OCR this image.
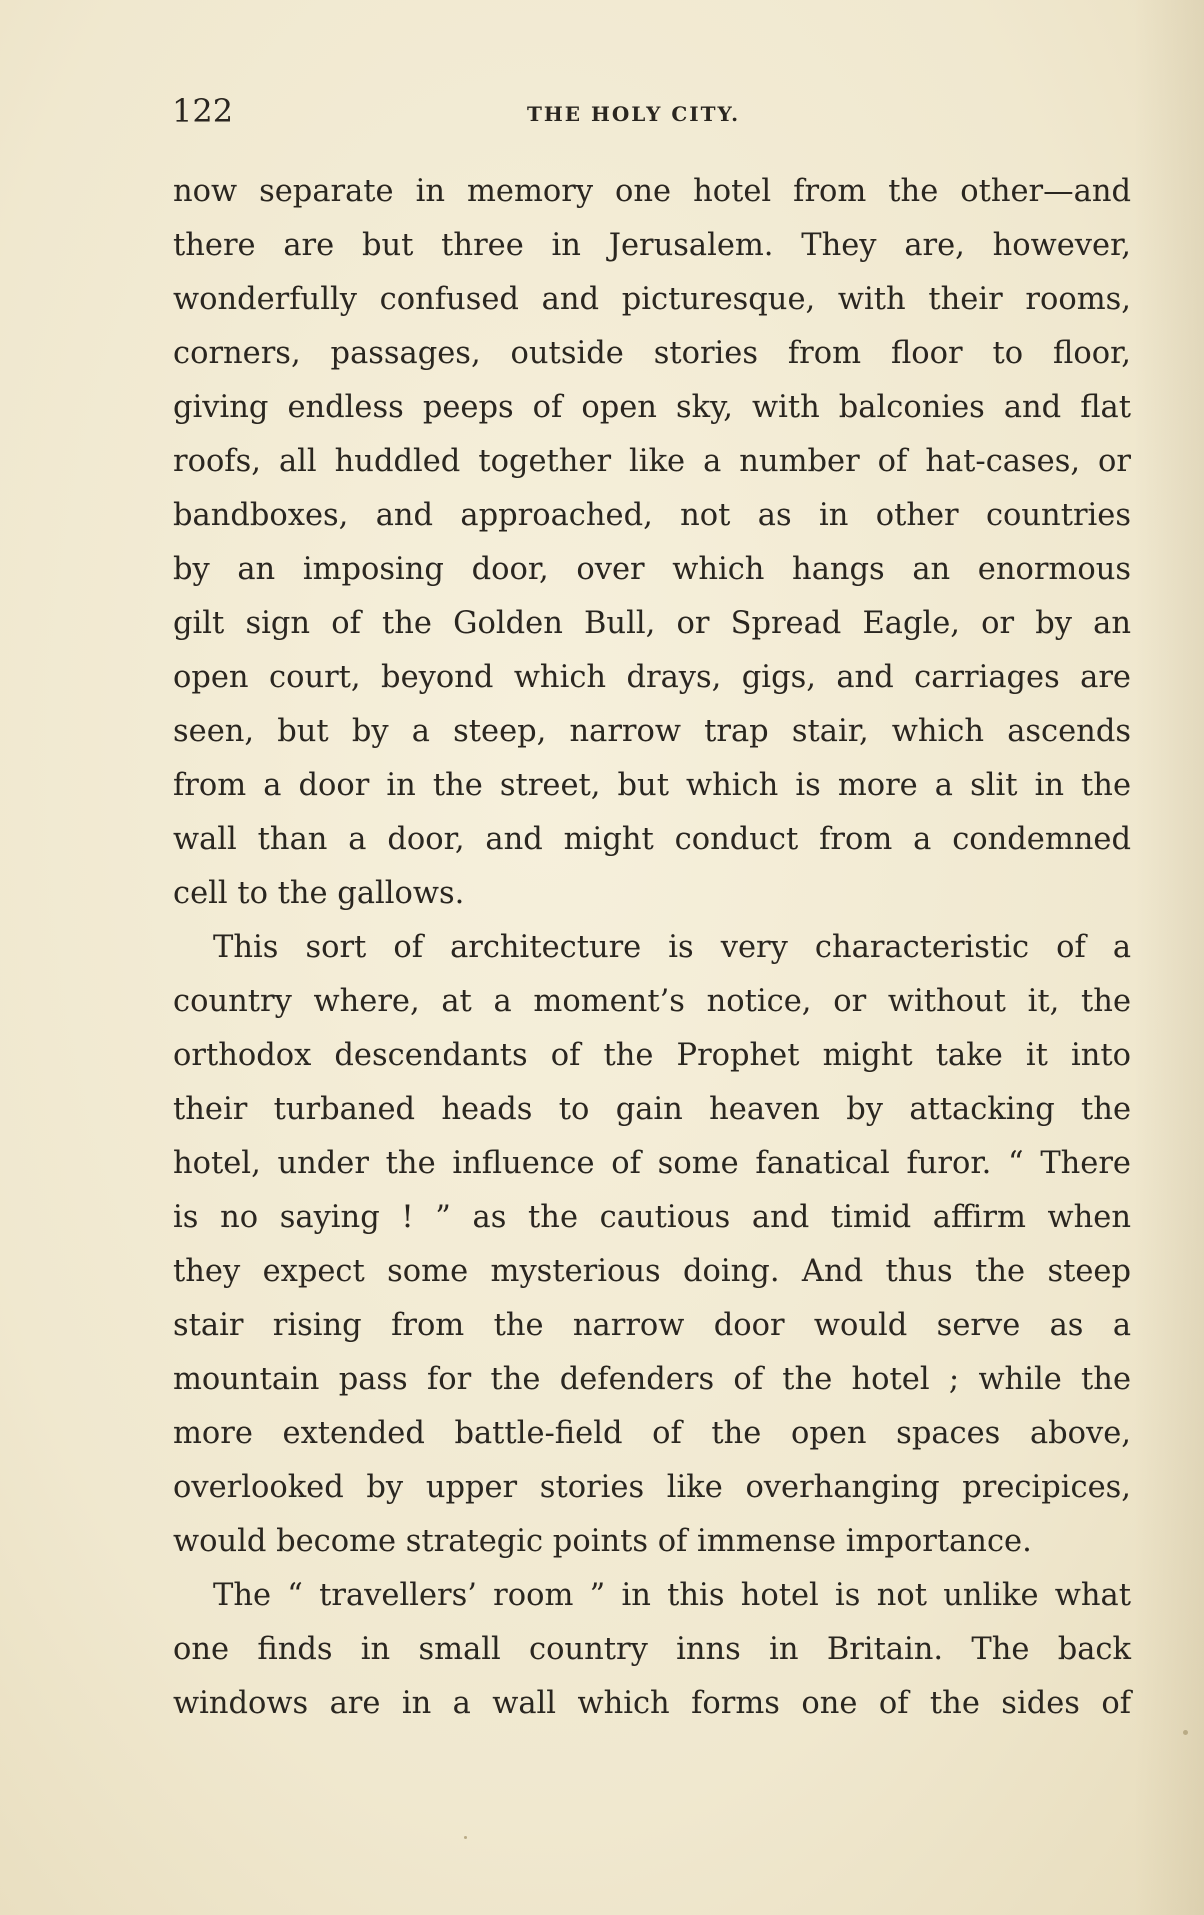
122	THE HOLY CITY.
now separate in memory one hotel from the other—and
there are but three in Jerusalem. They are, however,
wonderfully confused and picturesque, with their rooms,
corners, passages, outside stories from floor to floor,
giving endless peeps of open sky, with balconies and flat
roofs, all huddled together like a number of hat-cases, or
bandboxes, and approached, not as in other countries
by an imposing door, over which hangs an enormous
gilt sign of the Golden Bull, or Spread Eagle, or by an
open court, beyond which drays, gigs, and carriages are
seen, but by a steep, narrow trap stair, which ascends
from a door in the street, but which is more a slit in the
wall than a door, and might conduct from a condemned
cell to the gallows.
This sort of architecture is very characteristic of a
country where, at a moment’s notice, or without it, the
orthodox descendants of the Prophet might take it into
their turbaned heads to gain heaven by attacking the
hotel, under the influence of some fanatical furor. “ There
is no saying ! ” as the cautious and timid affirm when
they expect some mysterious doing. And thus the steep
stair rising from the narrow door would serve as a
mountain pass for the defenders of the hotel ; while the
more extended battle-field of the open spaces above,
overlooked by upper stories like overhanging precipices,
would become strategic points of immense importance.
The “ travellers’ room ” in this hotel is not unlike what
one finds in small country inns in Britain. The back
windows are in a wall which forms one of the sides of
